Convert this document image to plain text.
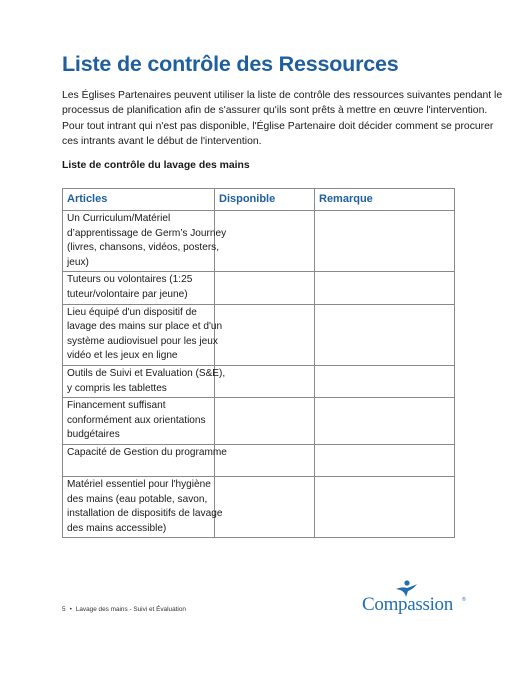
Liste de contrôle des Ressources

Les Églises Partenaires peuvent utiliser la liste de contrôle des ressources suivantes pendant le
processus de planification afin de s'assurer qu'ils sont prêts à mettre en œuvre l'intervention.
Pour tout intrant qui n'est pas disponible, l'Église Partenaire doit décider comment se procurer
ces intrants avant le début de l'intervention.

Liste de contrôle du lavage des mains

Articles	Disponible	Remarque

Un Curriculum/Matériel
d’apprentissage de Germ’s Journey
(livres, chansons, vidéos, posters,
jeux)		

Tuteurs ou volontaires (1:25
tuteur/volontaire par jeune)		

Lieu équipé d'un dispositif de
lavage des mains sur place et d'un
système audiovisuel pour les jeux
vidéo et les jeux en ligne		

Outils de Suivi et Evaluation (S&E),
y compris les tablettes		

Financement suffisant
conformément aux orientations
budgétaires		

Capacité de Gestion du programme		

Matériel essentiel pour l'hygiène
des mains (eau potable, savon,
installation de dispositifs de lavage
des mains accessible)		

5 • Lavage des mains - Suivi et Évaluation	Compassion ®
